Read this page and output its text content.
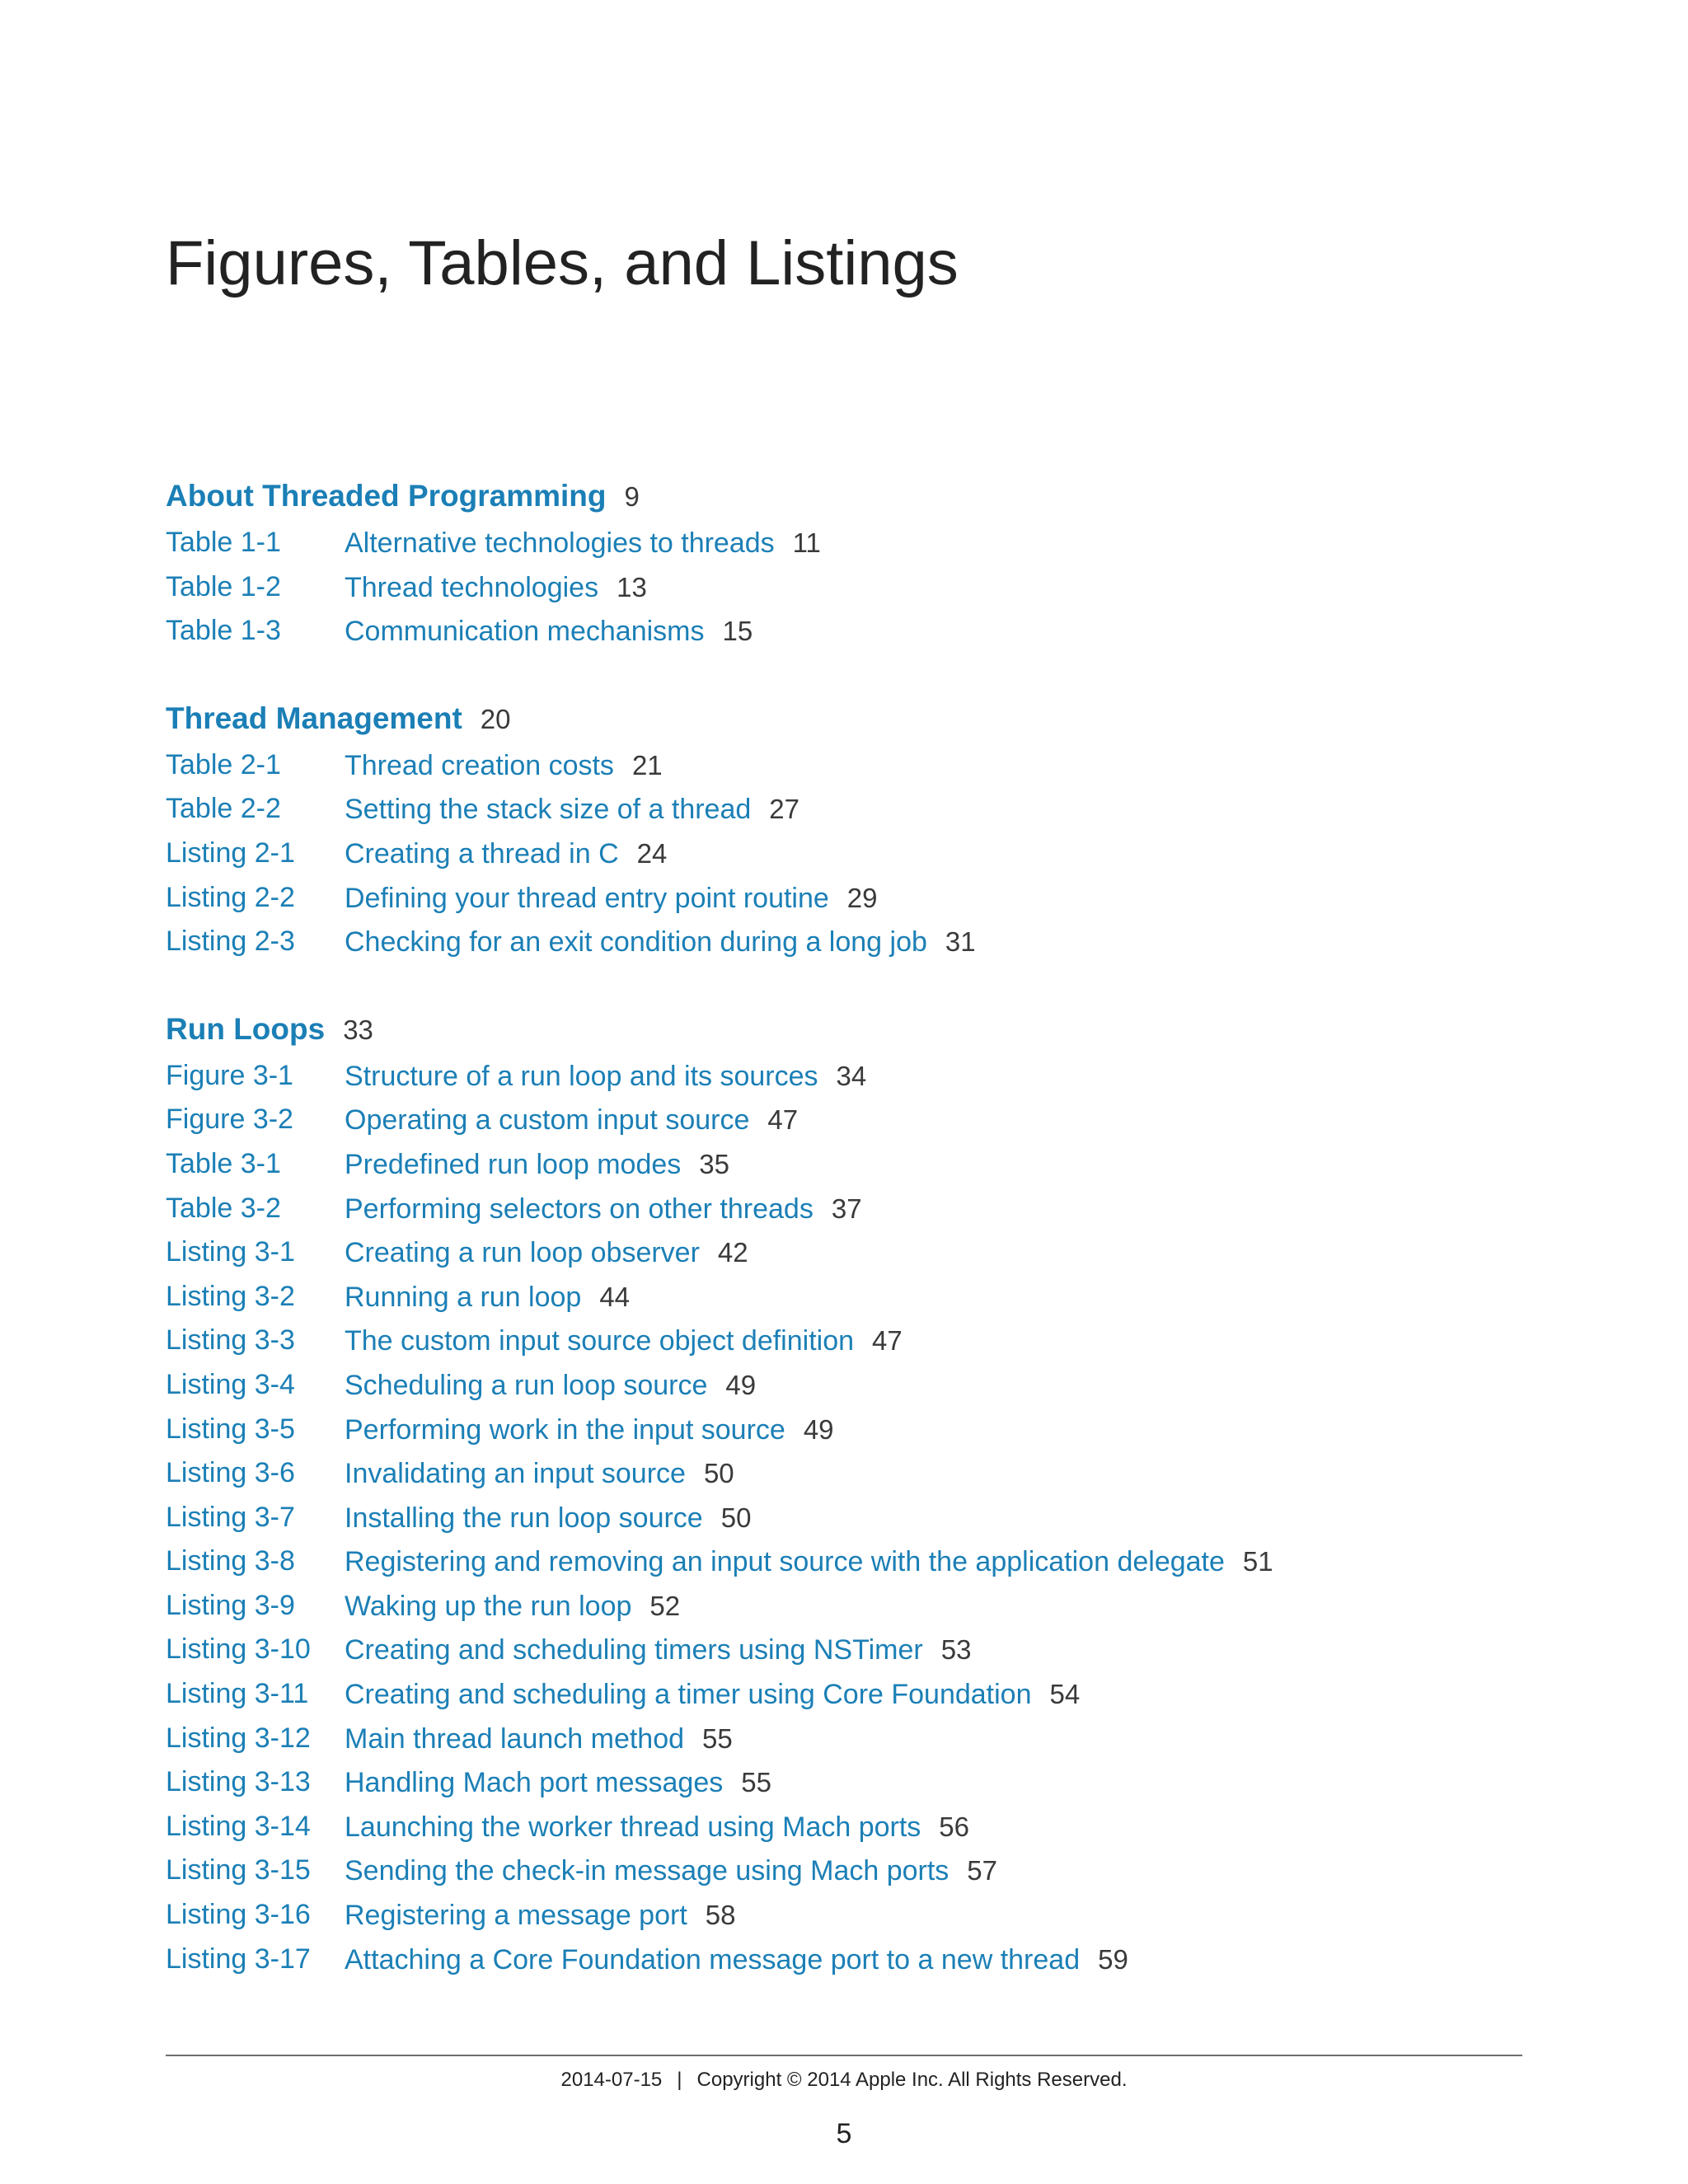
Figures, Tables, and Listings
About Threaded Programming 9
Table 1-1 Alternative technologies to threads 11
Table 1-2 Thread technologies 13
Table 1-3 Communication mechanisms 15
Thread Management 20
Table 2-1 Thread creation costs 21
Table 2-2 Setting the stack size of a thread 27
Listing 2-1 Creating a thread in C 24
Listing 2-2 Defining your thread entry point routine 29
Listing 2-3 Checking for an exit condition during a long job 31
Run Loops 33
Figure 3-1 Structure of a run loop and its sources 34
Figure 3-2 Operating a custom input source 47
Table 3-1 Predefined run loop modes 35
Table 3-2 Performing selectors on other threads 37
Listing 3-1 Creating a run loop observer 42
Listing 3-2 Running a run loop 44
Listing 3-3 The custom input source object definition 47
Listing 3-4 Scheduling a run loop source 49
Listing 3-5 Performing work in the input source 49
Listing 3-6 Invalidating an input source 50
Listing 3-7 Installing the run loop source 50
Listing 3-8 Registering and removing an input source with the application delegate 51
Listing 3-9 Waking up the run loop 52
Listing 3-10 Creating and scheduling timers using NSTimer 53
Listing 3-11 Creating and scheduling a timer using Core Foundation 54
Listing 3-12 Main thread launch method 55
Listing 3-13 Handling Mach port messages 55
Listing 3-14 Launching the worker thread using Mach ports 56
Listing 3-15 Sending the check-in message using Mach ports 57
Listing 3-16 Registering a message port 58
Listing 3-17 Attaching a Core Foundation message port to a new thread 59
2014-07-15 | Copyright © 2014 Apple Inc. All Rights Reserved.
5
